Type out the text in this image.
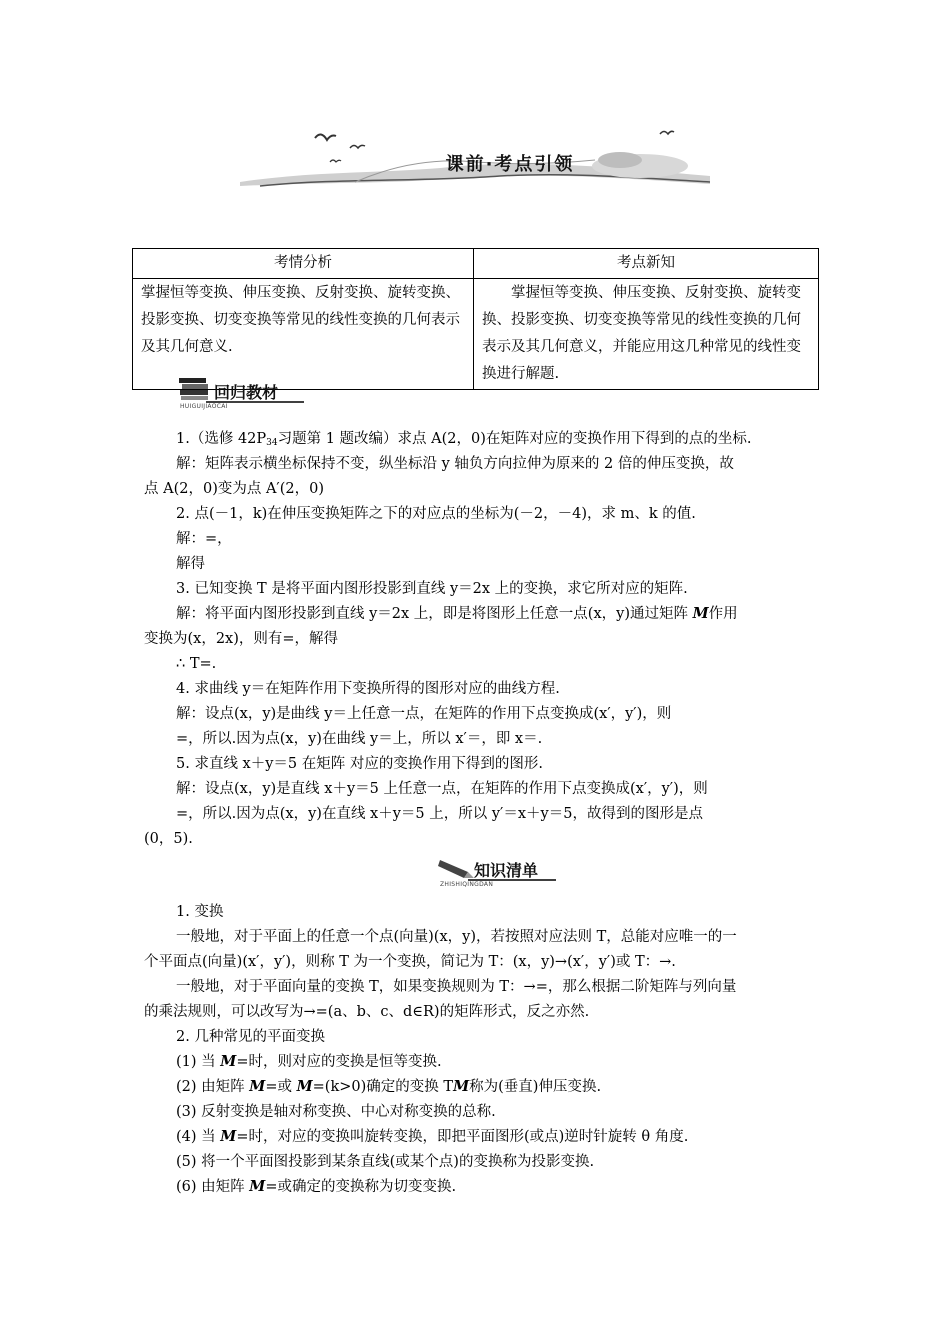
课前·考点引领
考情分析	考点新知
掌握恒等变换、伸压变换、反射变换、旋转变换、投影变换、切变变换等常见的线性变换的几何表示及其几何意义.	掌握恒等变换、伸压变换、反射变换、旋转变换、投影变换、切变变换等常见的线性变换的几何表示及其几何意义，并能应用这几种常见的线性变换进行解题.
回归教材
HUIGUIJIAOCAI
知识清单
ZHISHIQINGDAN
1.（选修 $42P_{34}$习题第 1 题改编）求点 A(2，0)在矩阵对应的变换作用下得到的点的坐标.
解：矩阵表示横坐标保持不变，纵坐标沿 y 轴负方向拉伸为原来的 2 倍的伸压变换，故
点 A(2，0)变为点 A′(2，0)
2. 点(－1，k)在伸压变换矩阵之下的对应点的坐标为(－2，－4)，求 m、k 的值.
解：=，
解得
3. 已知变换 T 是将平面内图形投影到直线 y＝2x 上的变换，求它所对应的矩阵.
解：将平面内图形投影到直线 y＝2x 上，即是将图形上任意一点(x，y)通过矩阵 M作用
变换为(x，2x)，则有=，解得
∴ T=.
4. 求曲线 y＝在矩阵作用下变换所得的图形对应的曲线方程.
解：设点(x，y)是曲线 y＝上任意一点，在矩阵的作用下点变换成(x′，y′)，则
=，所以.因为点(x，y)在曲线 y＝上，所以 x′＝，即 x＝.
5. 求直线 x＋y＝5 在矩阵 对应的变换作用下得到的图形.
解：设点(x，y)是直线 x＋y＝5 上任意一点，在矩阵的作用下点变换成(x′，y′)，则
=，所以.因为点(x，y)在直线 x＋y＝5 上，所以 y′＝x＋y＝5，故得到的图形是点
(0，5).
1. 变换
一般地，对于平面上的任意一个点(向量)(x，y)，若按照对应法则 T，总能对应唯一的一
个平面点(向量)(x′，y′)，则称 T 为一个变换，简记为 T：(x，y)→(x′，y′)或 T：→.
一般地，对于平面向量的变换 T，如果变换规则为 T：→=，那么根据二阶矩阵与列向量
的乘法规则，可以改写为→=(a、b、c、d∈R)的矩阵形式，反之亦然.
2. 几种常见的平面变换
(1) 当 M=时，则对应的变换是恒等变换.
(2) 由矩阵 M=或 M=(k>0)确定的变换 TM称为(垂直)伸压变换.
(3) 反射变换是轴对称变换、中心对称变换的总称.
(4) 当 M=时，对应的变换叫旋转变换，即把平面图形(或点)逆时针旋转 θ 角度.
(5) 将一个平面图投影到某条直线(或某个点)的变换称为投影变换.
(6) 由矩阵 M=或确定的变换称为切变变换.
